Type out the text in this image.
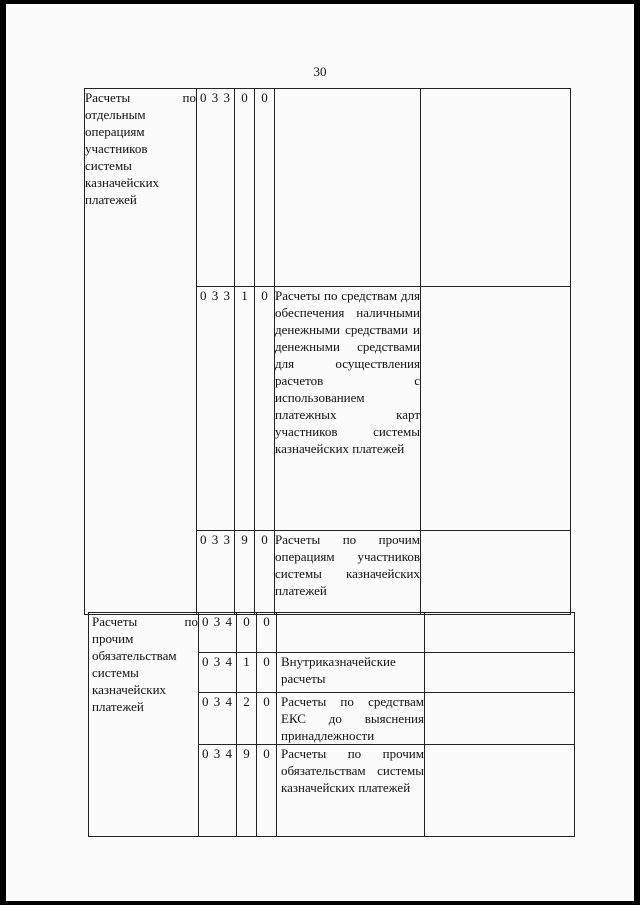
30
Расчеты по отдельным операциям участников системы казначейских платежей	0 3 3	0	0		
	0 3 3	1	0	Расчеты по средствам для обеспечения наличными денежными средствами и денежными средствами для осуществления расчетов с использованием платежных карт участников системы казначейских платежей	
	0 3 3	9	0	Расчеты по прочим операциям участников системы казначейских платежей	
Расчеты по прочим обязательствам системы казначейских платежей	0 3 4	0	0		
	0 3 4	1	0	Внутриказначейские расчеты	
	0 3 4	2	0	Расчеты по средствам ЕКС до выяснения принадлежности	
	0 3 4	9	0	Расчеты по прочим обязательствам системы казначейских платежей	
